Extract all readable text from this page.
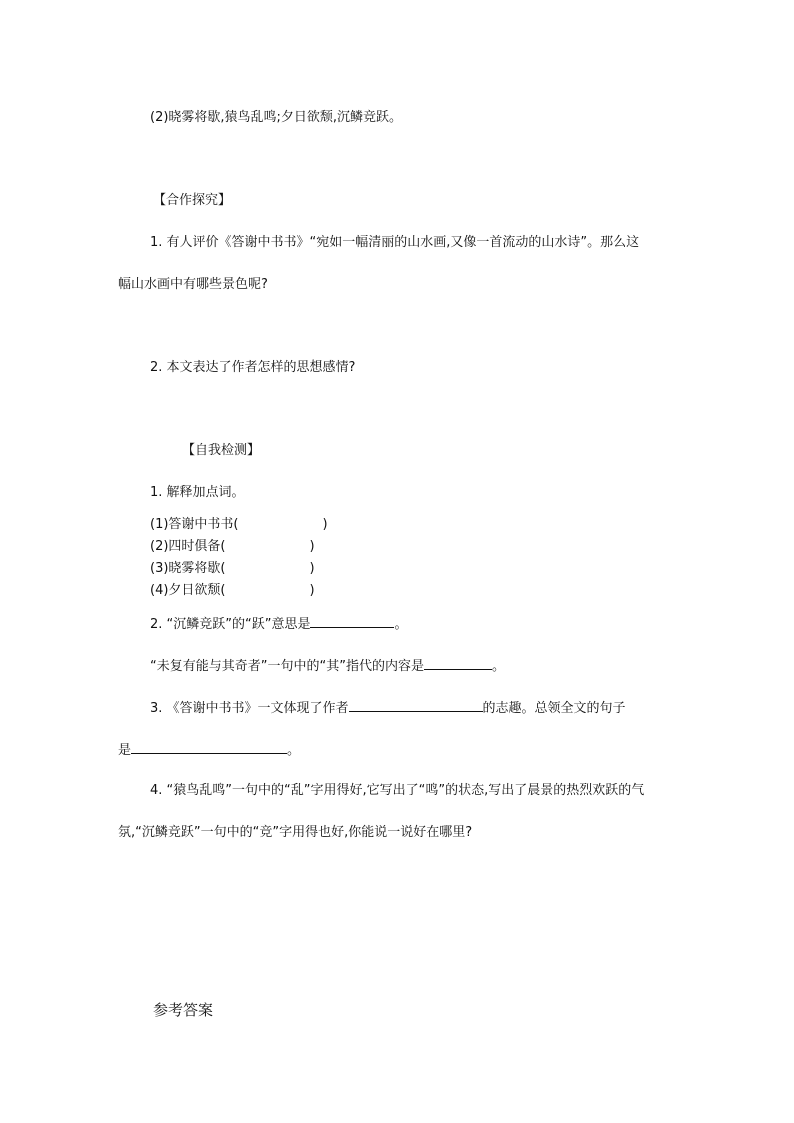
(2)晓雾将歇,猿鸟乱鸣;夕日欲颓,沉鳞竞跃。
【合作探究】
1. 有人评价《答谢中书书》“宛如一幅清丽的山水画,又像一首流动的山水诗”。那么这
幅山水画中有哪些景色呢?
2. 本文表达了作者怎样的思想感情?
【自我检测】
1. 解释加点词。
(1)答谢中书书(	)
(2)四时俱备(	)
(3)晓雾将歇(	)
(4)夕日欲颓(	)
2. “沉鳞竞跃”的“跃”意思是	。
“未复有能与其奇者”一句中的“其”指代的内容是	。
3. 《答谢中书书》一文体现了作者	的志趣。总领全文的句子
是	。
4. “猿鸟乱鸣”一句中的“乱”字用得好,它写出了“鸣”的状态,写出了晨景的热烈欢跃的气
氛,“沉鳞竞跃”一句中的“竞”字用得也好,你能说一说好在哪里?
参考答案
